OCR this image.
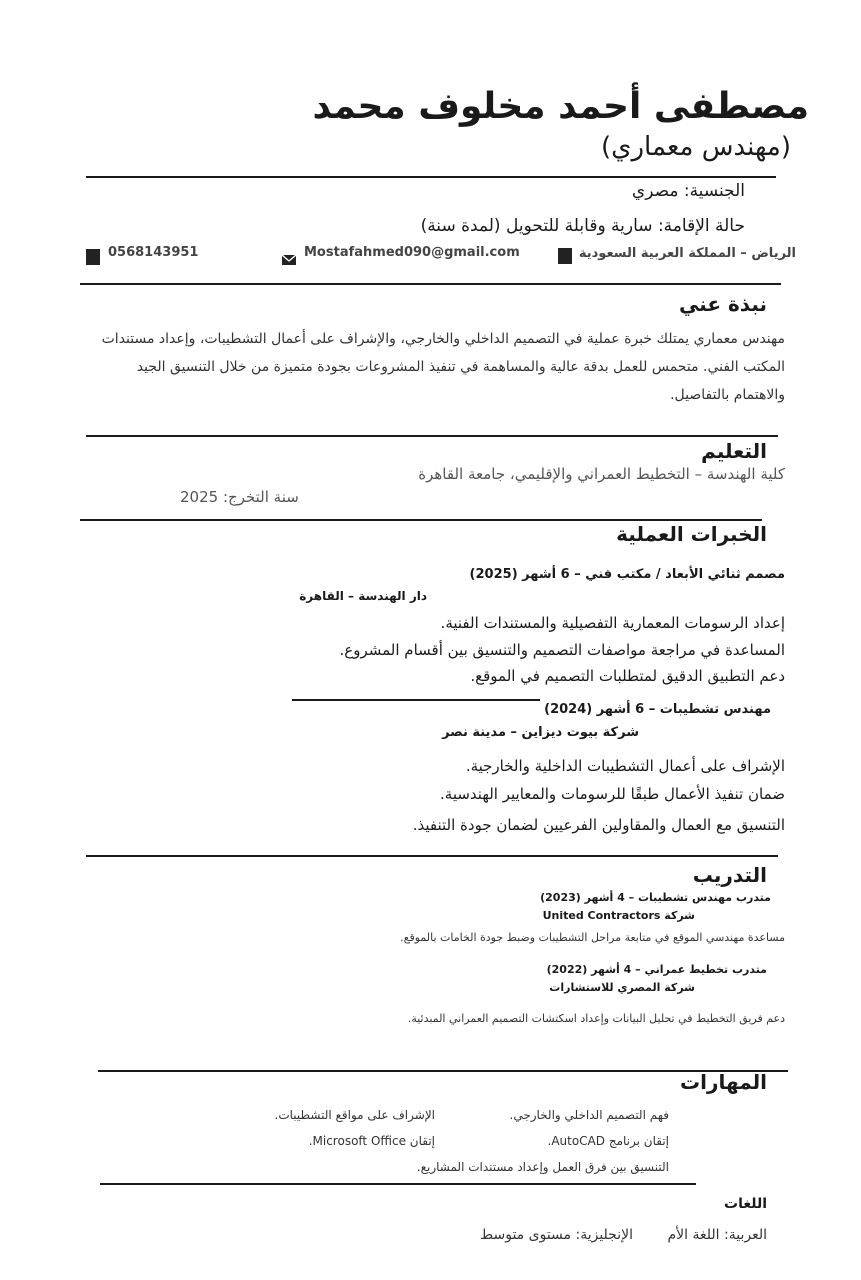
مصطفى أحمد مخلوف محمد
(مهندس معماري)
الجنسية: مصري
حالة الإقامة: سارية وقابلة للتحويل (لمدة سنة)
الرياض – المملكة العربية السعودية
Mostafahmed090@gmail.com
0568143951
نبذة عني
مهندس معماري يمتلك خبرة عملية في التصميم الداخلي والخارجي، والإشراف على أعمال التشطيبات، وإعداد مستندات
المكتب الفني. متحمس للعمل بدقة عالية والمساهمة في تنفيذ المشروعات بجودة متميزة من خلال التنسيق الجيد
والاهتمام بالتفاصيل.
التعليم
كلية الهندسة – التخطيط العمراني والإقليمي، جامعة القاهرة
سنة التخرج: 2025
الخبرات العملية
مصمم ثنائي الأبعاد / مكتب فني – 6 أشهر (2025)
دار الهندسة – القاهرة
إعداد الرسومات المعمارية التفصيلية والمستندات الفنية.
المساعدة في مراجعة مواصفات التصميم والتنسيق بين أقسام المشروع.
دعم التطبيق الدقيق لمتطلبات التصميم في الموقع.
مهندس تشطيبات – 6 أشهر (2024)
شركة بيوت ديزاين – مدينة نصر
الإشراف على أعمال التشطيبات الداخلية والخارجية.
ضمان تنفيذ الأعمال طبقًا للرسومات والمعايير الهندسية.
التنسيق مع العمال والمقاولين الفرعيين لضمان جودة التنفيذ.
التدريب
متدرب مهندس تشطيبات – 4 أشهر (2023)
شركة United Contractors
مساعدة مهندسي الموقع في متابعة مراحل التشطيبات وضبط جودة الخامات بالموقع.
متدرب تخطيط عمراني – 4 أشهر (2022)
شركة المصري للاستشارات
دعم فريق التخطيط في تحليل البيانات وإعداد اسكتشات التصميم العمراني المبدئية.
المهارات
فهم التصميم الداخلي والخارجي.
إتقان برنامج AutoCAD.
التنسيق بين فرق العمل وإعداد مستندات المشاريع.
الإشراف على مواقع التشطيبات.
إتقان Microsoft Office.
اللغات
العربية: اللغة الأم
الإنجليزية: مستوى متوسط
